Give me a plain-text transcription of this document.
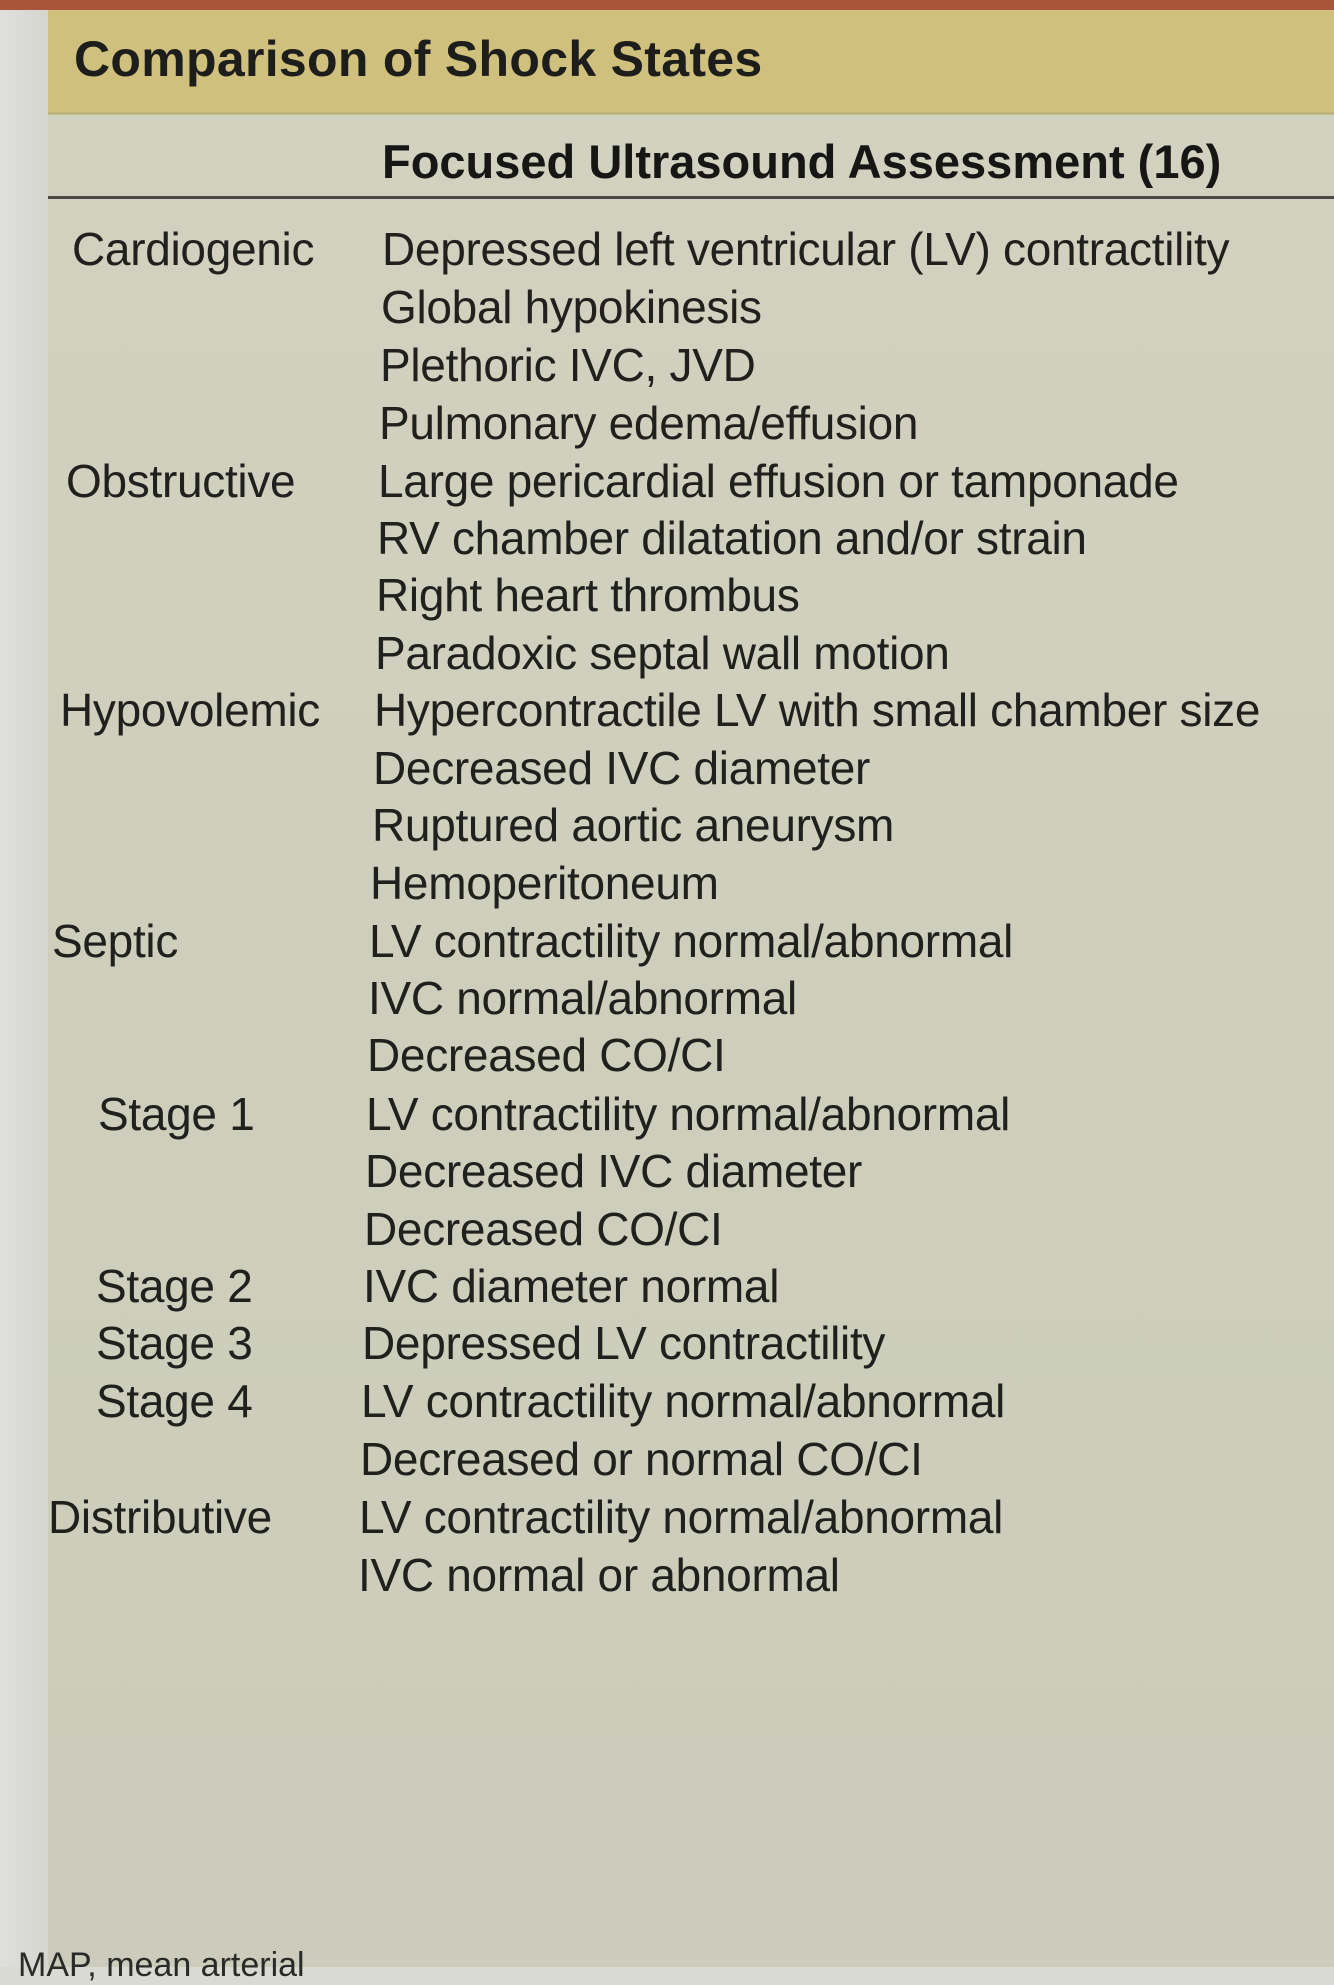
Comparison of Shock States
Focused Ultrasound Assessment (16)
Cardiogenic Depressed left ventricular (LV) contractility
Global hypokinesis
Plethoric IVC, JVD
Pulmonary edema/effusion
Obstructive Large pericardial effusion or tamponade
RV chamber dilatation and/or strain
Right heart thrombus
Paradoxic septal wall motion
Hypovolemic Hypercontractile LV with small chamber size
Decreased IVC diameter
Ruptured aortic aneurysm
Hemoperitoneum
Septic	LV contractility normal/abnormal
IVC normal/abnormal
Decreased CO/CI
Stage 1 LV contractility normal/abnormal
Decreased IVC diameter
Decreased CO/CI
Stage 2 IVC diameter normal
Stage 3 Depressed LV contractility
Stage 4 LV contractility normal/abnormal
Decreased or normal CO/CI
Distributive LV contractility normal/abnormal
IVC normal or abnormal
MAP, mean arterial
